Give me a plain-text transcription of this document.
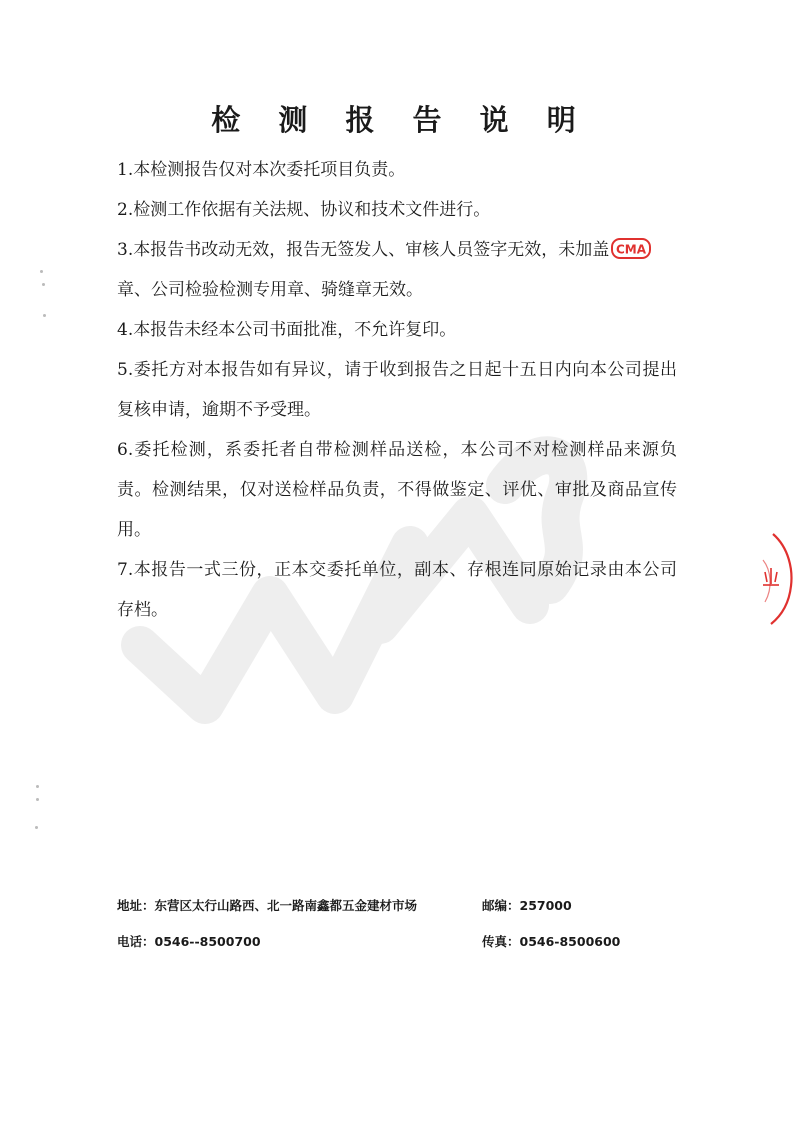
检 测 报 告 说 明

1.本检测报告仅对本次委托项目负责。

2.检测工作依据有关法规、协议和技术文件进行。

3.本报告书改动无效，报告无签发人、审核人员签字无效，未加盖 CMA

章、公司检验检测专用章、骑缝章无效。

4.本报告未经本公司书面批准，不允许复印。

5.委托方对本报告如有异议，请于收到报告之日起十五日内向本公司提出复核申请，逾期不予受理。

6.委托检测，系委托者自带检测样品送检，本公司不对检测样品来源负责。检测结果，仅对送检样品负责，不得做鉴定、评优、审批及商品宣传用。

7.本报告一式三份，正本交委托单位，副本、存根连同原始记录由本公司存档。

地址：东营区太行山路西、北一路南鑫都五金建材市场	邮编：257000
电话：0546--8500700	传真：0546-8500600
